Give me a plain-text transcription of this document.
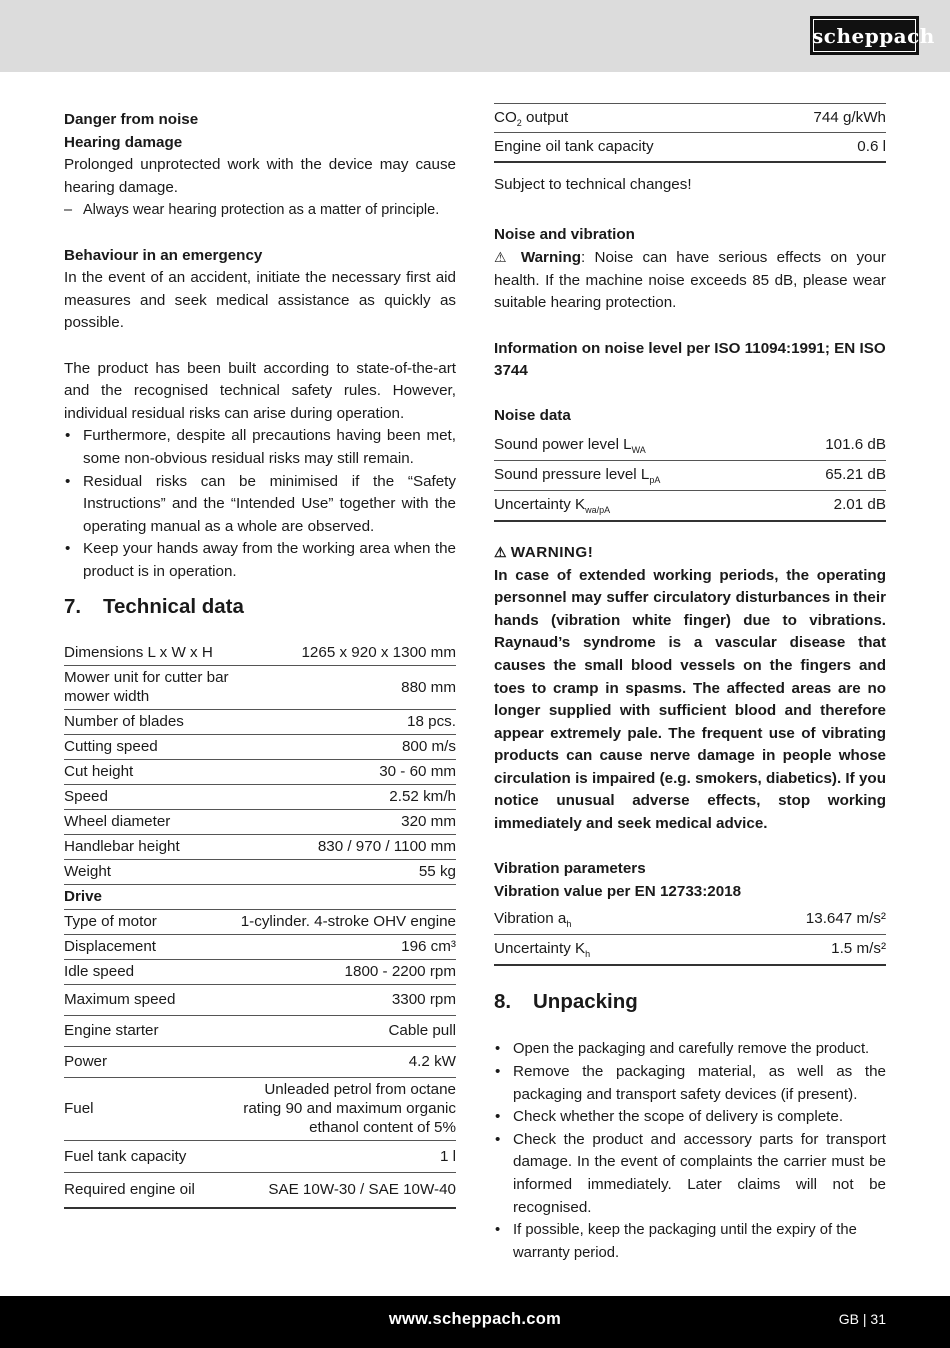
scheppach

Danger from noise

Hearing damage

Prolonged unprotected work with the device may cause hearing damage.

– Always wear hearing protection as a matter of principle.

Behaviour in an emergency

In the event of an accident, initiate the necessary first aid measures and seek medical assistance as quickly as possible.

The product has been built according to state-of-the-art and the recognised technical safety rules. However, individual residual risks can arise during operation.

• Furthermore, despite all precautions having been met, some non-obvious residual risks may still remain.
• Residual risks can be minimised if the “Safety Instructions” and the “Intended Use” together with the operating manual as a whole are observed.
• Keep your hands away from the working area when the product is in operation.
7. Technical data
Dimensions L x W x H	1265 x 920 x 1300 mm
Mower unit for cutter bar mower width	880 mm
Number of blades	18 pcs.
Cutting speed	800 m/s
Cut height	30 - 60 mm
Speed	2.52 km/h
Wheel diameter	320 mm
Handlebar height	830 / 970 / 1100 mm
Weight	55 kg
Drive	
Type of motor	1-cylinder. 4-stroke OHV engine
Displacement	196 cm³
Idle speed	1800 - 2200 rpm
Maximum speed	3300 rpm
Engine starter	Cable pull
Power	4.2 kW
Fuel	Unleaded petrol from octane rating 90 and maximum organic ethanol content of 5%
Fuel tank capacity	1 l
Required engine oil	SAE 10W-30 / SAE 10W-40
$CO_2$ output	744 g/kWh
Engine oil tank capacity	0.6 l

Subject to technical changes!

Noise and vibration

⚠ Warning: Noise can have serious effects on your health. If the machine noise exceeds 85 dB, please wear suitable hearing protection.

Information on noise level per ISO 11094:1991; EN ISO 3744

Noise data

Sound power level $L_{WA}$	101.6 dB
Sound pressure level $L_{pA}$	65.21 dB
Uncertainty $K_{wa/pA}$	2.01 dB

⚠ WARNING!

In case of extended working periods, the operating personnel may suffer circulatory disturbances in their hands (vibration white finger) due to vibrations. Raynaud’s syndrome is a vascular disease that causes the small blood vessels on the fingers and toes to cramp in spasms. The affected areas are no longer supplied with sufficient blood and therefore appear extremely pale. The frequent use of vibrating products can cause nerve damage in people whose circulation is impaired (e.g. smokers, diabetics). If you notice unusual adverse effects, stop working immediately and seek medical advice.

Vibration parameters

Vibration value per EN 12733:2018

Vibration $a_h$	13.647 m/s²
Uncertainty $K_h$	1.5 m/s²
8. Unpacking
• Open the packaging and carefully remove the product.
• Remove the packaging material, as well as the packaging and transport safety devices (if present).
• Check whether the scope of delivery is complete.
• Check the product and accessory parts for transport damage. In the event of complaints the carrier must be informed immediately. Later claims will not be recognised.
• If possible, keep the packaging until the expiry of the warranty period.
www.scheppach.com	GB | 31
